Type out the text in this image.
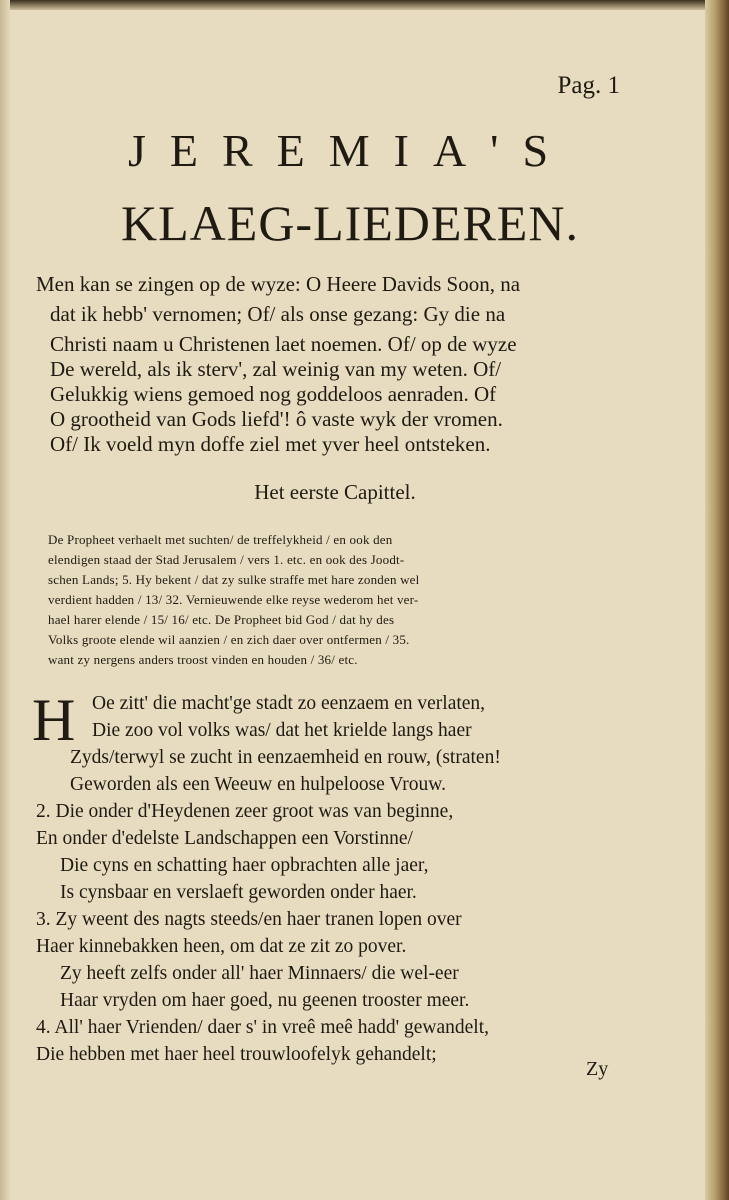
Pag. 1
JEREMIA'S
KLAEG-LIEDEREN.
Men kan se zingen op de wyze: O Heere Davids Soon, na
dat ik hebb' vernomen; Of/ als onse gezang: Gy die na
Christi naam u Christenen laet noemen. Of/ op de wyze
De wereld, als ik sterv', zal weinig van my weten. Of/
Gelukkig wiens gemoed nog goddeloos aenraden. Of
O grootheid van Gods liefd'! ô vaste wyk der vromen.
Of/ Ik voeld myn doffe ziel met yver heel ontsteken.
Het eerste Capittel.
De Propheet verhaelt met suchten/ de treffelykheid / en ook den
elendigen staad der Stad Jerusalem / vers 1. etc. en ook des Joodt-
schen Lands; 5. Hy bekent / dat zy sulke straffe met hare zonden wel
verdient hadden / 13/ 32. Vernieuwende elke reyse wederom het ver-
hael harer elende / 15/ 16/ etc. De Propheet bid God / dat hy des
Volks groote elende wil aanzien / en zich daer over ontfermen / 35.
want zy nergens anders troost vinden en houden / 36/ etc.
H Oe zitt' die macht'ge stadt zo eenzaem en verlaten,
Die zoo vol volks was/ dat het krielde langs haer
Zyds/terwyl se zucht in eenzaemheid en rouw, (straten!
Geworden als een Weeuw en hulpeloose Vrouw.
2. Die onder d'Heydenen zeer groot was van beginne,
En onder d'edelste Landschappen een Vorstinne/
Die cyns en schatting haer opbrachten alle jaer,
Is cynsbaar en verslaeft geworden onder haer.
3. Zy weent des nagts steeds/en haer tranen lopen over
Haer kinnebakken heen, om dat ze zit zo pover.
Zy heeft zelfs onder all' haer Minnaers/ die wel-eer
Haar vryden om haer goed, nu geenen trooster meer.
4. All' haer Vrienden/ daer s' in vreê meê hadd' gewandelt,
Die hebben met haer heel trouwloofelyk gehandelt;
Zy
